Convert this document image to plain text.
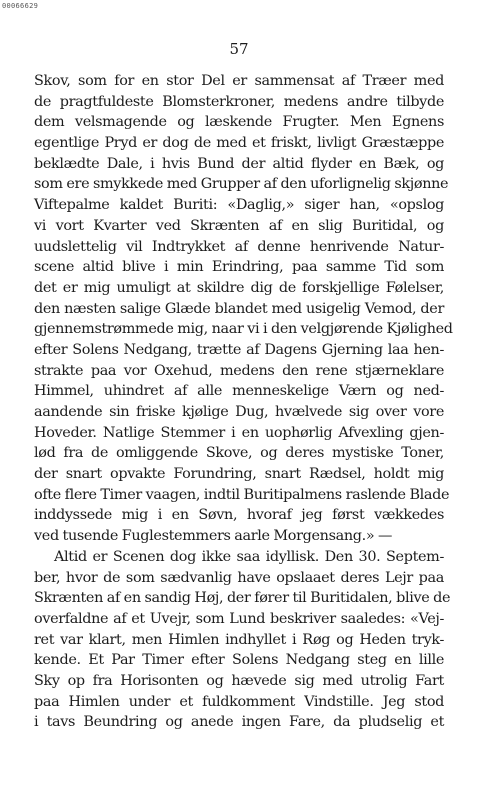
00066629
57
Skov, som for en stor Del er sammensat af Træer med
de pragtfuldeste Blomsterkroner, medens andre tilbyde
dem velsmagende og læskende Frugter. Men Egnens
egentlige Pryd er dog de med et friskt, livligt Græstæppe
beklædte Dale, i hvis Bund der altid flyder en Bæk, og
som ere smykkede med Grupper af den uforlignelig skjønne
Viftepalme kaldet Buriti: «Daglig,» siger han, «opslog
vi vort Kvarter ved Skrænten af en slig Buritidal, og
uudslettelig vil Indtrykket af denne henrivende Natur-
scene altid blive i min Erindring, paa samme Tid som
det er mig umuligt at skildre dig de forskjellige Følelser,
den næsten salige Glæde blandet med usigelig Vemod, der
gjennemstrømmede mig, naar vi i den velgjørende Kjølighed
efter Solens Nedgang, trætte af Dagens Gjerning laa hen-
strakte paa vor Oxehud, medens den rene stjærneklare
Himmel, uhindret af alle menneskelige Værn og ned-
aandende sin friske kjølige Dug, hvælvede sig over vore
Hoveder. Natlige Stemmer i en uophørlig Afvexling gjen-
lød fra de omliggende Skove, og deres mystiske Toner,
der snart opvakte Forundring, snart Rædsel, holdt mig
ofte flere Timer vaagen, indtil Buritipalmens raslende Blade
inddyssede mig i en Søvn, hvoraf jeg først vækkedes
ved tusende Fuglestemmers aarle Morgensang.» —
Altid er Scenen dog ikke saa idyllisk. Den 30. Septem-
ber, hvor de som sædvanlig have opslaaet deres Lejr paa
Skrænten af en sandig Høj, der fører til Buritidalen, blive de
overfaldne af et Uvejr, som Lund beskriver saaledes: «Vej-
ret var klart, men Himlen indhyllet i Røg og Heden tryk-
kende. Et Par Timer efter Solens Nedgang steg en lille
Sky op fra Horisonten og hævede sig med utrolig Fart
paa Himlen under et fuldkomment Vindstille. Jeg stod
i tavs Beundring og anede ingen Fare, da pludselig et
